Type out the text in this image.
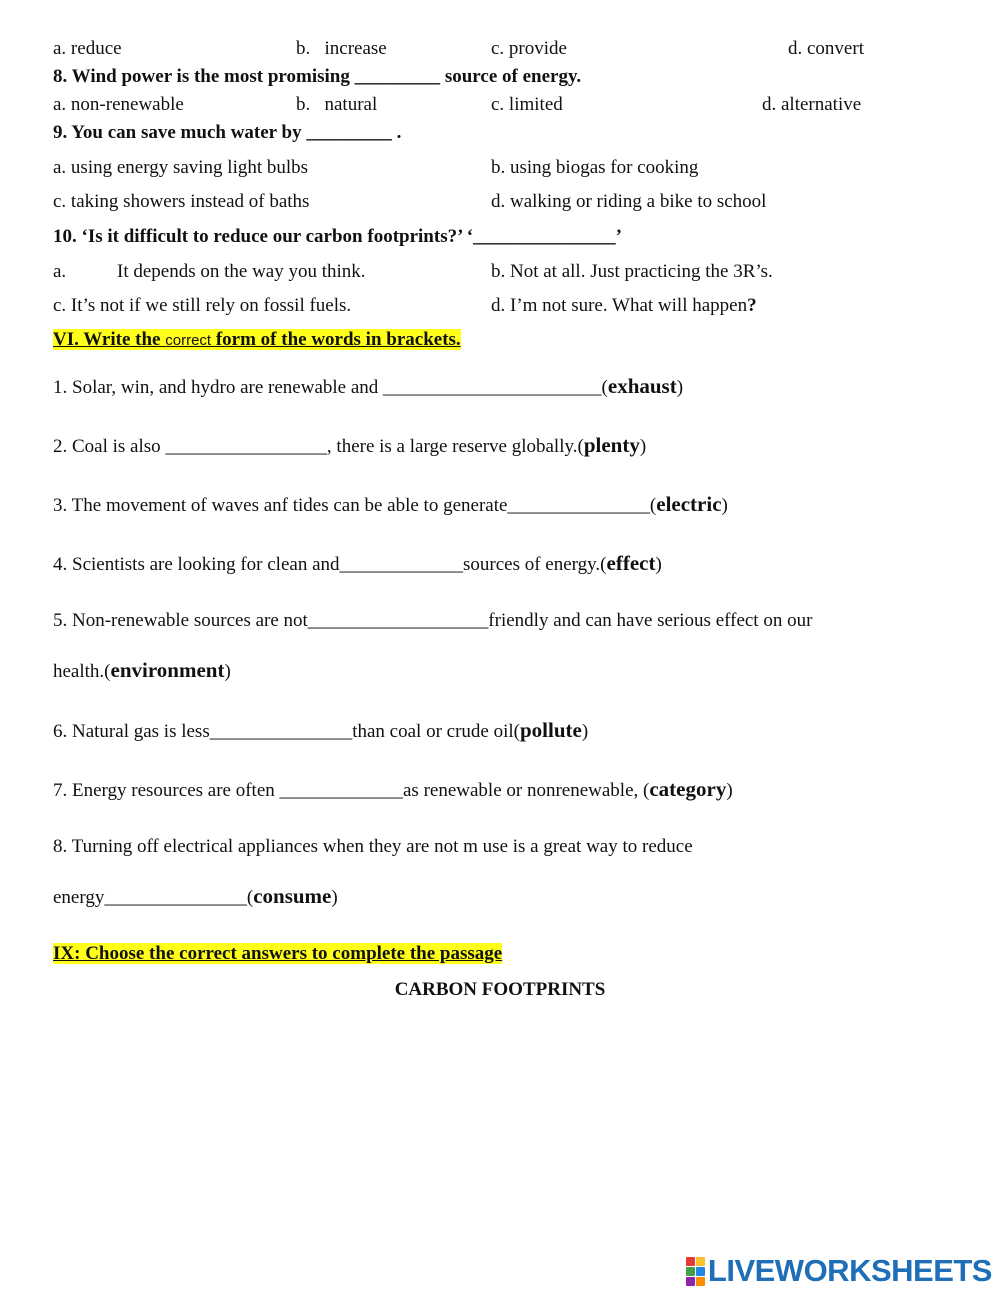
a. reduce	b.   increase	c. provide	d. convert
8. Wind power is the most promising _________ source of energy.
a. non-renewable	b.   natural	c. limited	d. alternative
9. You can save much water by _________ .
a. using energy saving light bulbs	b. using biogas for cooking
c. taking showers instead of baths	d. walking or riding a bike to school
10. ‘Is it difficult to reduce our carbon footprints?’ ‘_______________’
a.	It depends on the way you think.	b. Not at all. Just practicing the 3R’s.
c. It’s not if we still rely on fossil fuels.	d. I’m not sure. What will happen?
VI. Write the correct form of the words in brackets.
1. Solar, win, and hydro are renewable and _______________________(exhaust)
2. Coal is also _________________, there is a large reserve globally.(plenty)
3. The movement of waves anf tides can be able to generate_______________(electric)
4. Scientists are looking for clean and_____________sources of energy.(effect)
5. Non-renewable sources are not___________________friendly and can have serious effect on our
health.(environment)
6. Natural gas is less_______________than coal or crude oil(pollute)
7. Energy resources are often _____________as renewable or nonrenewable, (category)
8. Turning off electrical appliances when they are not m use is a great way to reduce
energy_______________(consume)
IX: Choose the correct answers to complete the passage
CARBON FOOTPRINTS
LIVEWORKSHEETS
